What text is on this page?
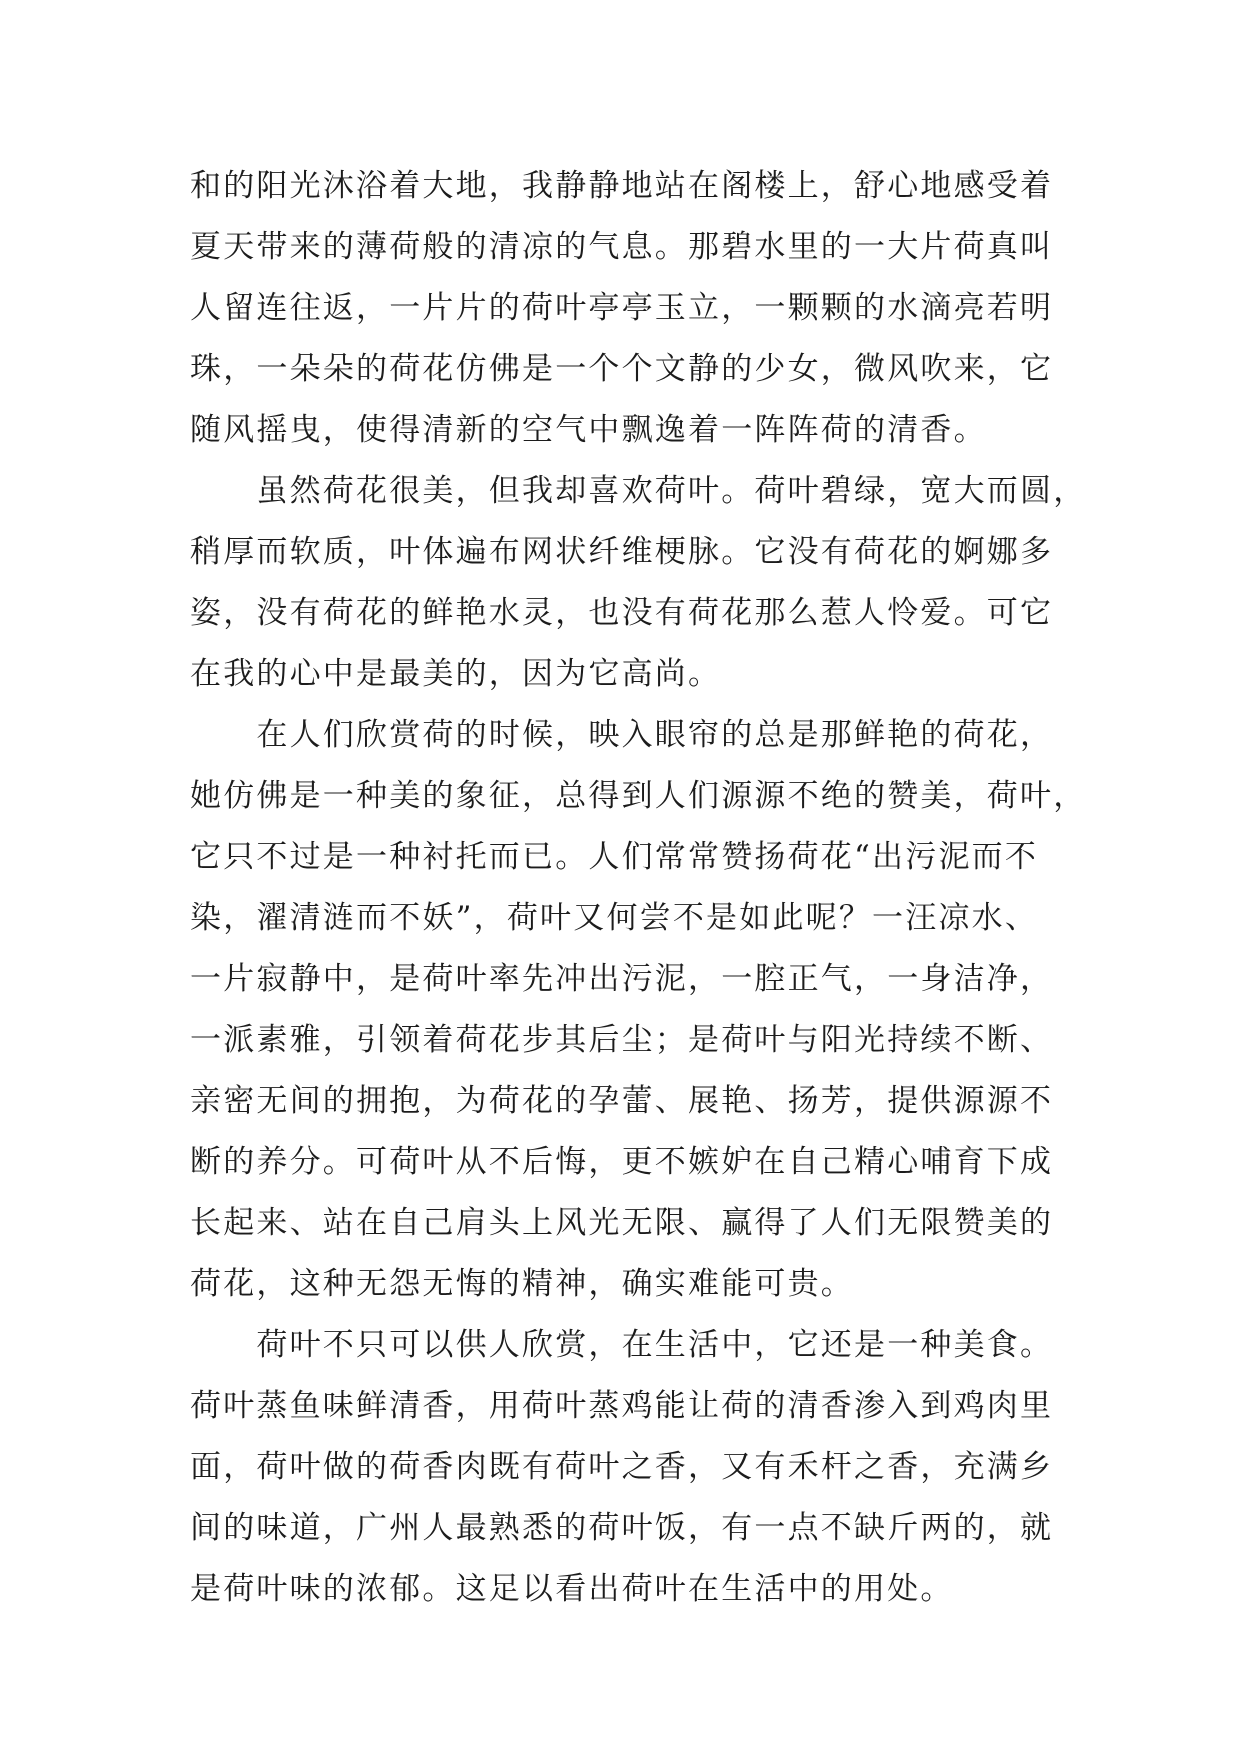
和的阳光沐浴着大地，我静静地站在阁楼上，舒心地感受着
夏天带来的薄荷般的清凉的气息。那碧水里的一大片荷真叫
人留连往返，一片片的荷叶亭亭玉立，一颗颗的水滴亮若明
珠，一朵朵的荷花仿佛是一个个文静的少女，微风吹来，它
随风摇曳，使得清新的空气中飘逸着一阵阵荷的清香。
　　虽然荷花很美，但我却喜欢荷叶。荷叶碧绿，宽大而圆，
稍厚而软质，叶体遍布网状纤维梗脉。它没有荷花的婀娜多
姿，没有荷花的鲜艳水灵，也没有荷花那么惹人怜爱。可它
在我的心中是最美的，因为它高尚。
　　在人们欣赏荷的时候，映入眼帘的总是那鲜艳的荷花，
她仿佛是一种美的象征，总得到人们源源不绝的赞美，荷叶，
它只不过是一种衬托而已。人们常常赞扬荷花“出污泥而不
染，濯清涟而不妖”，荷叶又何尝不是如此呢？一汪凉水、
一片寂静中，是荷叶率先冲出污泥，一腔正气，一身洁净，
一派素雅，引领着荷花步其后尘；是荷叶与阳光持续不断、
亲密无间的拥抱，为荷花的孕蕾、展艳、扬芳，提供源源不
断的养分。可荷叶从不后悔，更不嫉妒在自己精心哺育下成
长起来、站在自己肩头上风光无限、赢得了人们无限赞美的
荷花，这种无怨无悔的精神，确实难能可贵。
　　荷叶不只可以供人欣赏，在生活中，它还是一种美食。
荷叶蒸鱼味鲜清香，用荷叶蒸鸡能让荷的清香渗入到鸡肉里
面，荷叶做的荷香肉既有荷叶之香，又有禾杆之香，充满乡
间的味道，广州人最熟悉的荷叶饭，有一点不缺斤两的，就
是荷叶味的浓郁。这足以看出荷叶在生活中的用处。
